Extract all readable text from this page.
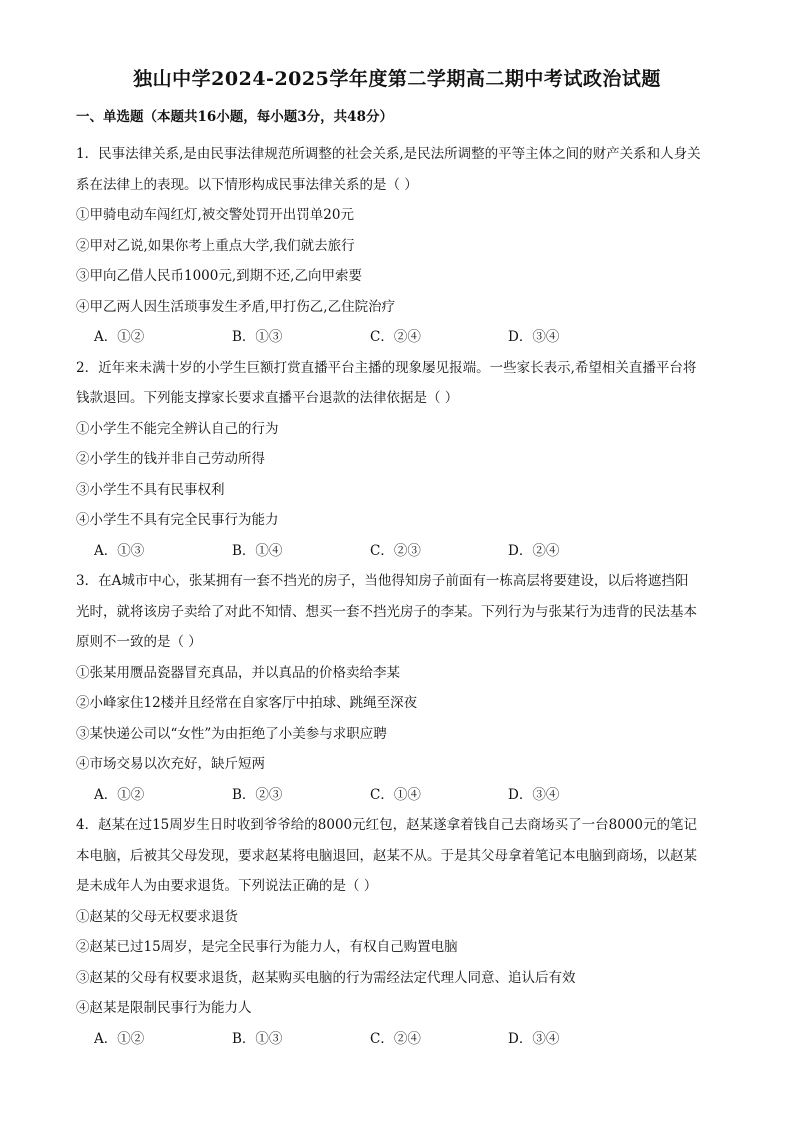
独山中学2024-2025学年度第二学期高二期中考试政治试题
一、单选题（本题共16小题，每小题3分，共48分）

1．民事法律关系,是由民事法律规范所调整的社会关系,是民法所调整的平等主体之间的财产关系和人身关

系在法律上的表现。以下情形构成民事法律关系的是（ ）

①甲骑电动车闯红灯,被交警处罚开出罚单20元

②甲对乙说,如果你考上重点大学,我们就去旅行

③甲向乙借人民币1000元,到期不还,乙向甲索要

④甲乙两人因生活琐事发生矛盾,甲打伤乙,乙住院治疗

A．①②	B．①③	C．②④	D．③④

2．近年来未满十岁的小学生巨额打赏直播平台主播的现象屡见报端。一些家长表示,希望相关直播平台将

钱款退回。下列能支撑家长要求直播平台退款的法律依据是（ ）

①小学生不能完全辨认自己的行为

②小学生的钱并非自己劳动所得

③小学生不具有民事权利

④小学生不具有完全民事行为能力

A．①③	B．①④	C．②③	D．②④

3．在A城市中心，张某拥有一套不挡光的房子，当他得知房子前面有一栋高层将要建设，以后将遮挡阳

光时，就将该房子卖给了对此不知情、想买一套不挡光房子的李某。下列行为与张某行为违背的民法基本

原则不一致的是（ ）

①张某用赝品瓷器冒充真品，并以真品的价格卖给李某

②小峰家住12楼并且经常在自家客厅中拍球、跳绳至深夜

③某快递公司以“女性”为由拒绝了小美参与求职应聘

④市场交易以次充好，缺斤短两

A．①②	B．②③	C．①④	D．③④

4．赵某在过15周岁生日时收到爷爷给的8000元红包，赵某遂拿着钱自己去商场买了一台8000元的笔记

本电脑，后被其父母发现，要求赵某将电脑退回，赵某不从。于是其父母拿着笔记本电脑到商场，以赵某

是未成年人为由要求退货。下列说法正确的是（ ）

①赵某的父母无权要求退货

②赵某已过15周岁，是完全民事行为能力人，有权自己购置电脑

③赵某的父母有权要求退货，赵某购买电脑的行为需经法定代理人同意、追认后有效

④赵某是限制民事行为能力人

A．①②	B．①③	C．②④	D．③④
